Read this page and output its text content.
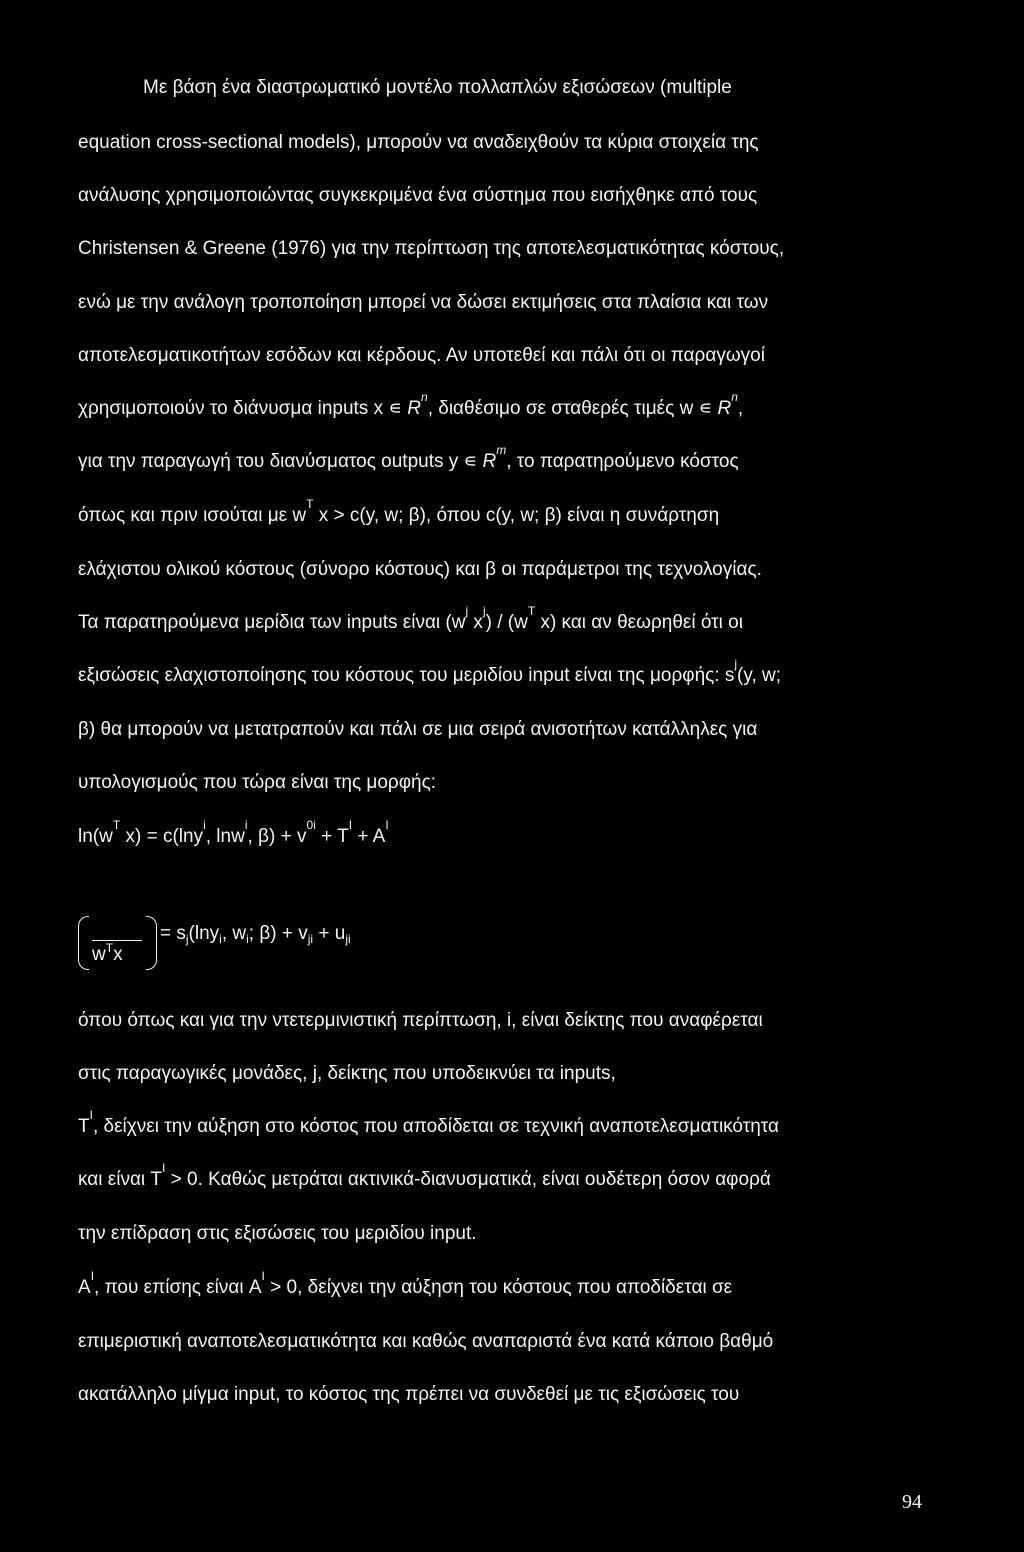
Με βάση ένα διαστρωματικό μοντέλο πολλαπλών εξισώσεων (multiple
equation cross-sectional models), μπορούν να αναδειχθούν τα κύρια στοιχεία της
ανάλυσης χρησιμοποιώντας συγκεκριμένα ένα σύστημα που εισήχθηκε από τους
Christensen & Greene (1976) για την περίπτωση της αποτελεσματικότητας κόστους,
ενώ με την ανάλογη τροποποίηση μπορεί να δώσει εκτιμήσεις στα πλαίσια και των
αποτελεσματικοτήτων εσόδων και κέρδους. Αν υποτεθεί και πάλι ότι οι παραγωγοί
χρησιμοποιούν το διάνυσμα inputs x ∊ R
n
, διαθέσιμο σε σταθερές τιμές w ∊ R
n
,
για την παραγωγή του διανύσματος outputs y ∊ R
m
, το παρατηρούμενο κόστος
όπως και πριν ισούται με w
T
x > c(y, w; β), όπου c(y, w; β) είναι η συνάρτηση
ελάχιστου ολικού κόστους (σύνορο κόστους) και β οι παράμετροι της τεχνολογίας.
Τα παρατηρούμενα μερίδια των inputs είναι (w
j
x
j
) / (w
T
x) και αν θεωρηθεί ότι οι
εξισώσεις ελαχιστοποίησης του κόστους του μεριδίου input είναι της μορφής: s
j
(y, w;
β) θα μπορούν να μετατραπούν και πάλι σε μια σειρά ανισοτήτων κατάλληλες για
υπολογισμούς που τώρα είναι της μορφής:
ln(w
T
x) = c(lny
i
, lnw
i
, β) + v
0i
+ T
I
+ A
I
$w^Tx$
= $s_j(\ln y_i$, $w_i$; $\beta) + v_{ji} + u_{ji}$
όπου όπως και για την ντετερμινιστική περίπτωση, i, είναι δείκτης που αναφέρεται
στις παραγωγικές μονάδες, j, δείκτης που υποδεικνύει τα inputs,
T
I
, δείχνει την αύξηση στο κόστος που αποδίδεται σε τεχνική αναποτελεσματικότητα
και είναι T
I
> 0. Καθώς μετράται ακτινικά-διανυσματικά, είναι ουδέτερη όσον αφορά
την επίδραση στις εξισώσεις του μεριδίου input.
A
I
, που επίσης είναι A
I
> 0, δείχνει την αύξηση του κόστους που αποδίδεται σε
επιμεριστική αναποτελεσματικότητα και καθώς αναπαριστά ένα κατά κάποιο βαθμό
ακατάλληλο μίγμα input, το κόστος της πρέπει να συνδεθεί με τις εξισώσεις του
94
